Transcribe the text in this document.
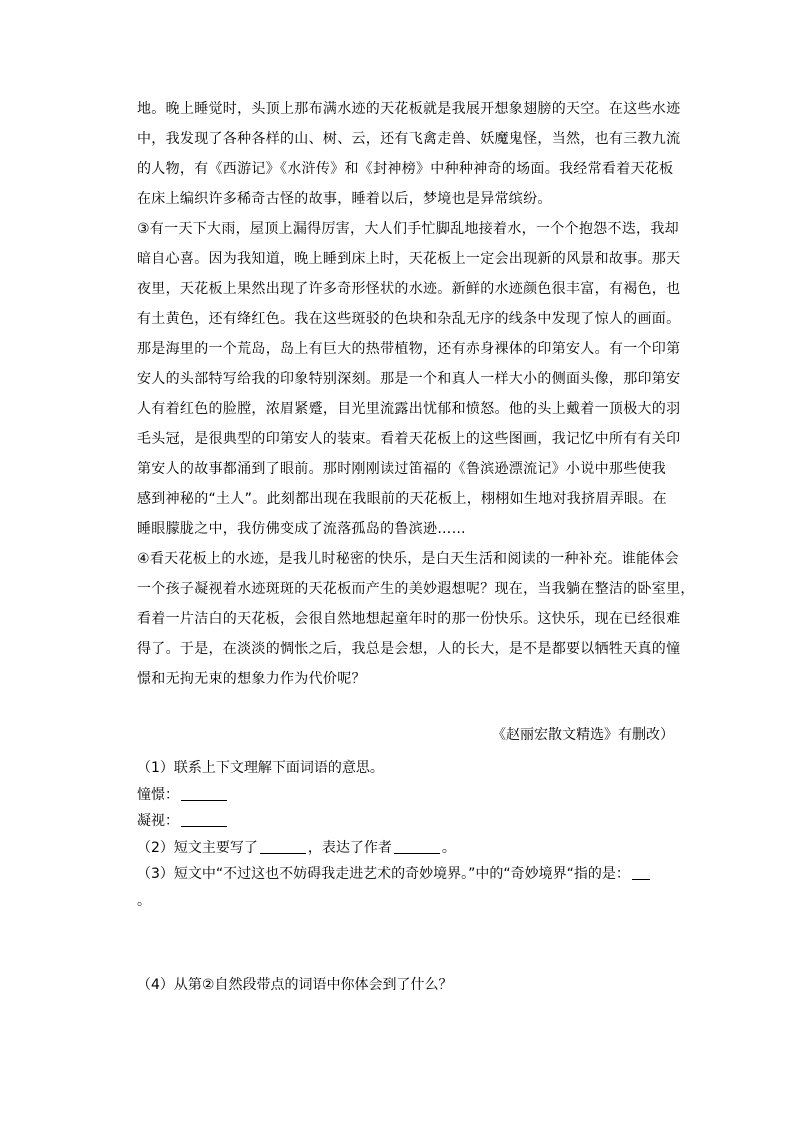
地。晚上睡觉时，头顶上那布满水迹的天花板就是我展开想象翅膀的天空。在这些水迹
中，我发现了各种各样的山、树、云，还有飞禽走兽、妖魔鬼怪，当然，也有三教九流
的人物，有《西游记》《水浒传》和《封神榜》中种种神奇的场面。我经常看着天花板
在床上编织许多稀奇古怪的故事，睡着以后，梦境也是异常缤纷。
③有一天下大雨，屋顶上漏得厉害，大人们手忙脚乱地接着水，一个个抱怨不迭，我却
暗自心喜。因为我知道，晚上睡到床上时，天花板上一定会出现新的风景和故事。那天
夜里，天花板上果然出现了许多奇形怪状的水迹。新鲜的水迹颜色很丰富，有褐色，也
有土黄色，还有绛红色。我在这些斑驳的色块和杂乱无序的线条中发现了惊人的画面。
那是海里的一个荒岛，岛上有巨大的热带植物，还有赤身裸体的印第安人。有一个印第
安人的头部特写给我的印象特别深刻。那是一个和真人一样大小的侧面头像，那印第安
人有着红色的脸膛，浓眉紧蹙，目光里流露出忧郁和愤怒。他的头上戴着一顶极大的羽
毛头冠，是很典型的印第安人的装束。看着天花板上的这些图画，我记忆中所有有关印
第安人的故事都涌到了眼前。那时刚刚读过笛福的《鲁滨逊漂流记》小说中那些使我
感到神秘的“土人”。此刻都出现在我眼前的天花板上，栩栩如生地对我挤眉弄眼。在
睡眼朦胧之中，我仿佛变成了流落孤岛的鲁滨逊……
④看天花板上的水迹，是我儿时秘密的快乐，是白天生活和阅读的一种补充。谁能体会
一个孩子凝视着水迹斑斑的天花板而产生的美妙遐想呢？现在，当我躺在整洁的卧室里，
看着一片洁白的天花板，会很自然地想起童年时的那一份快乐。这快乐，现在已经很难
得了。于是，在淡淡的惆怅之后，我总是会想，人的长大，是不是都要以牺牲天真的憧
憬和无拘无束的想象力作为代价呢？
《赵丽宏散文精选》有删改）
（1）联系上下文理解下面词语的意思。
憧憬：
凝视：
（2）短文主要写了	，表达了作者	。
（3）短文中“不过这也不妨碍我走进艺术的奇妙境界。”中的“奇妙境界“指的是：
。
（4）从第②自然段带点的词语中你体会到了什么？
